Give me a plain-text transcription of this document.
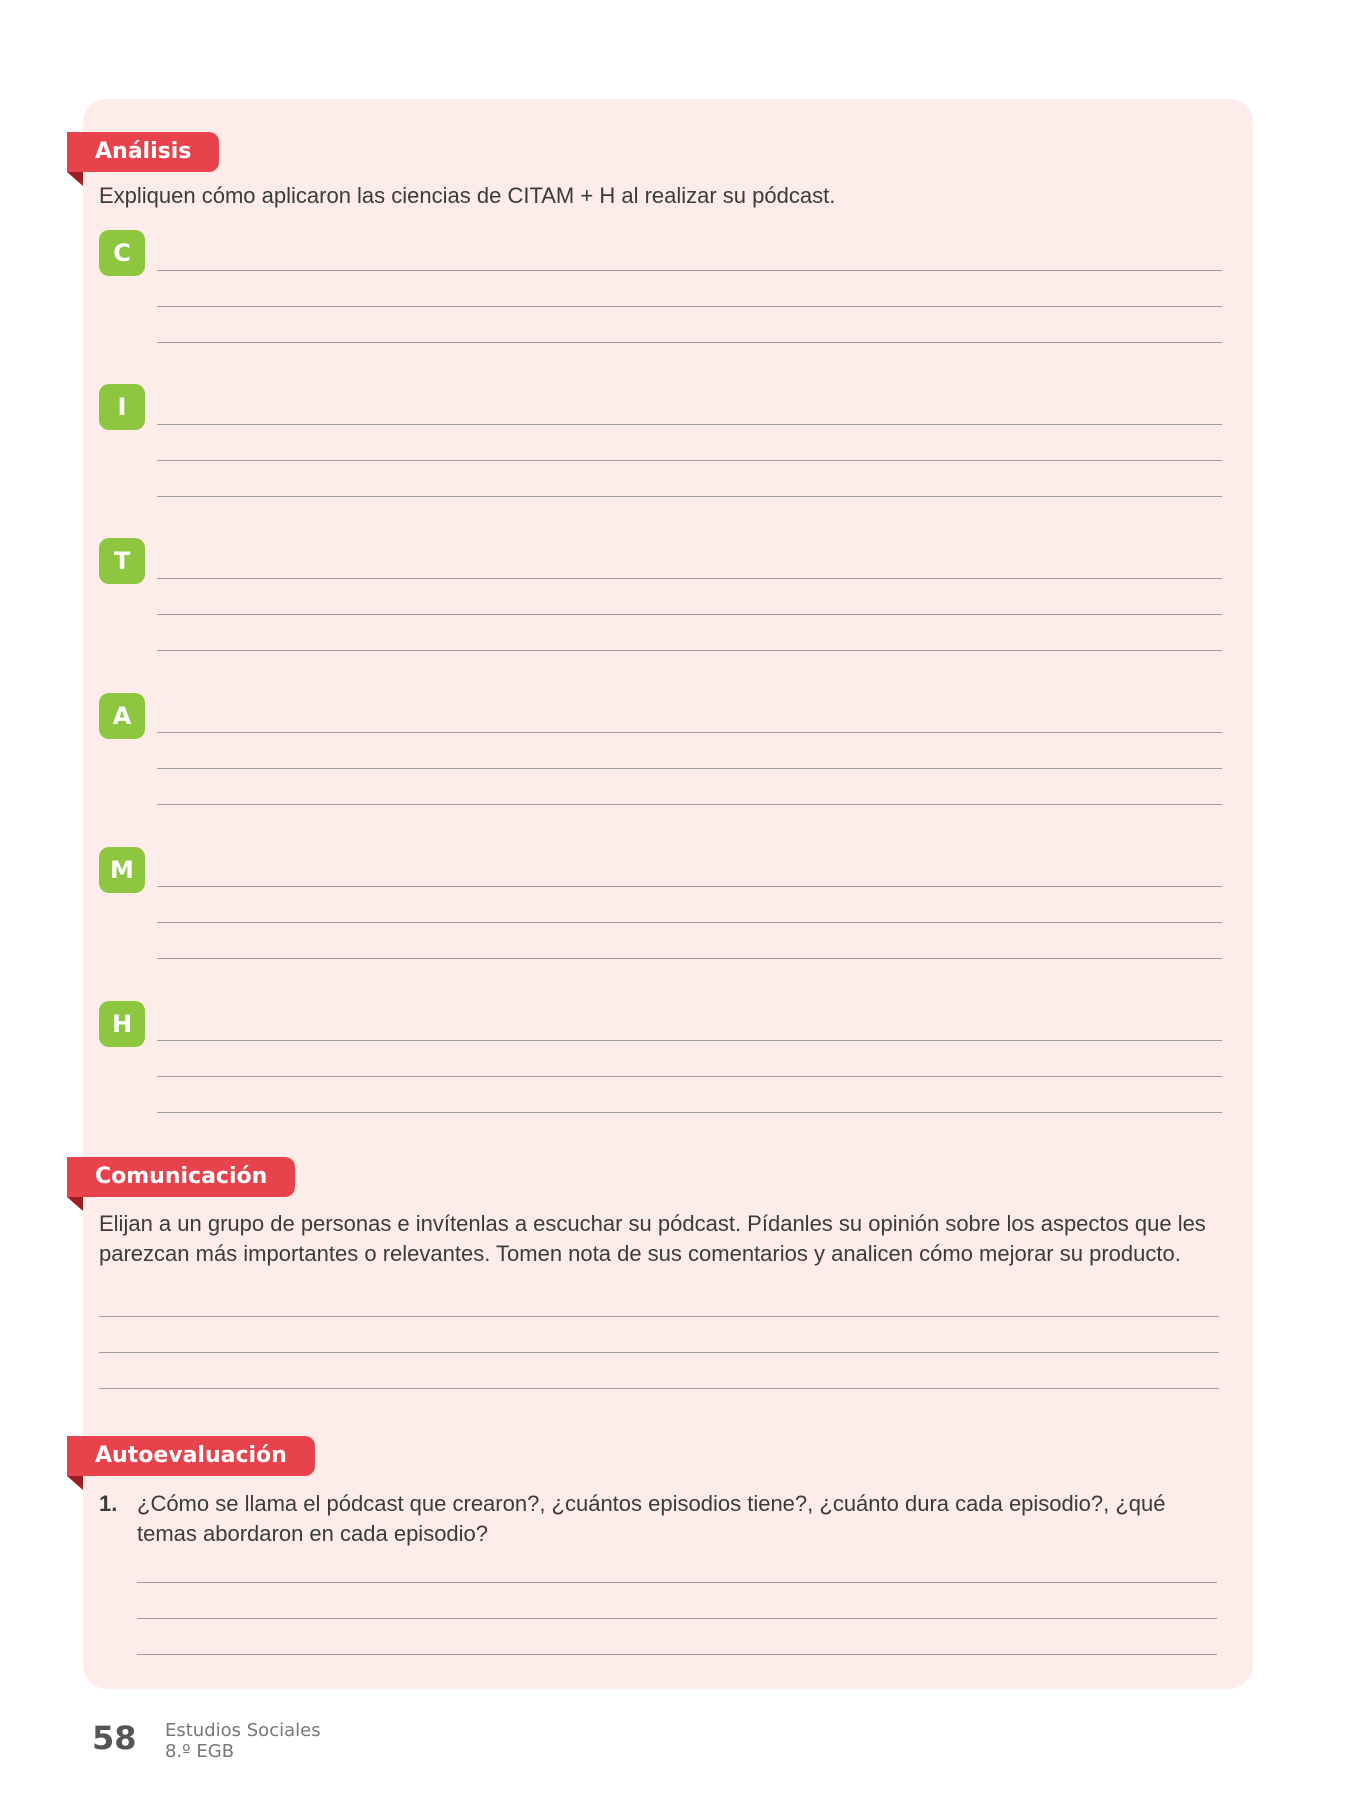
Análisis
Expliquen cómo aplicaron las ciencias de CITAM + H al realizar su pódcast.
C
I
T
A
M
H
Comunicación
Elijan a un grupo de personas e invítenlas a escuchar su pódcast. Pídanles su opinión sobre los aspectos que les parezcan más importantes o relevantes. Tomen nota de sus comentarios y analicen cómo mejorar su producto.
Autoevaluación
1. ¿Cómo se llama el pódcast que crearon?, ¿cuántos episodios tiene?, ¿cuánto dura cada episodio?, ¿qué temas abordaron en cada episodio?
58 Estudios Sociales
8.º EGB
